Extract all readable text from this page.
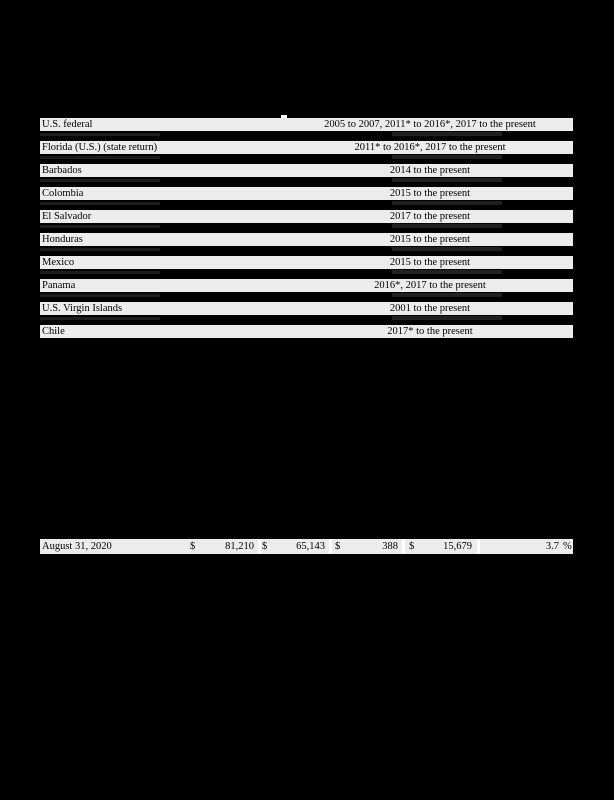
U.S. federal	2005 to 2007, 2011* to 2016*, 2017 to the present
Florida (U.S.) (state return)	2011* to 2016*, 2017 to the present
Barbados	2014 to the present
Colombia	2015 to the present
El Salvador	2017 to the present
Honduras	2015 to the present
Mexico	2015 to the present
Panama	2016*, 2017 to the present
U.S. Virgin Islands	2001 to the present
Chile	2017* to the present
August 31, 2020	$	81,210 $	65,143 $	388 $	15,679	3.7 %
